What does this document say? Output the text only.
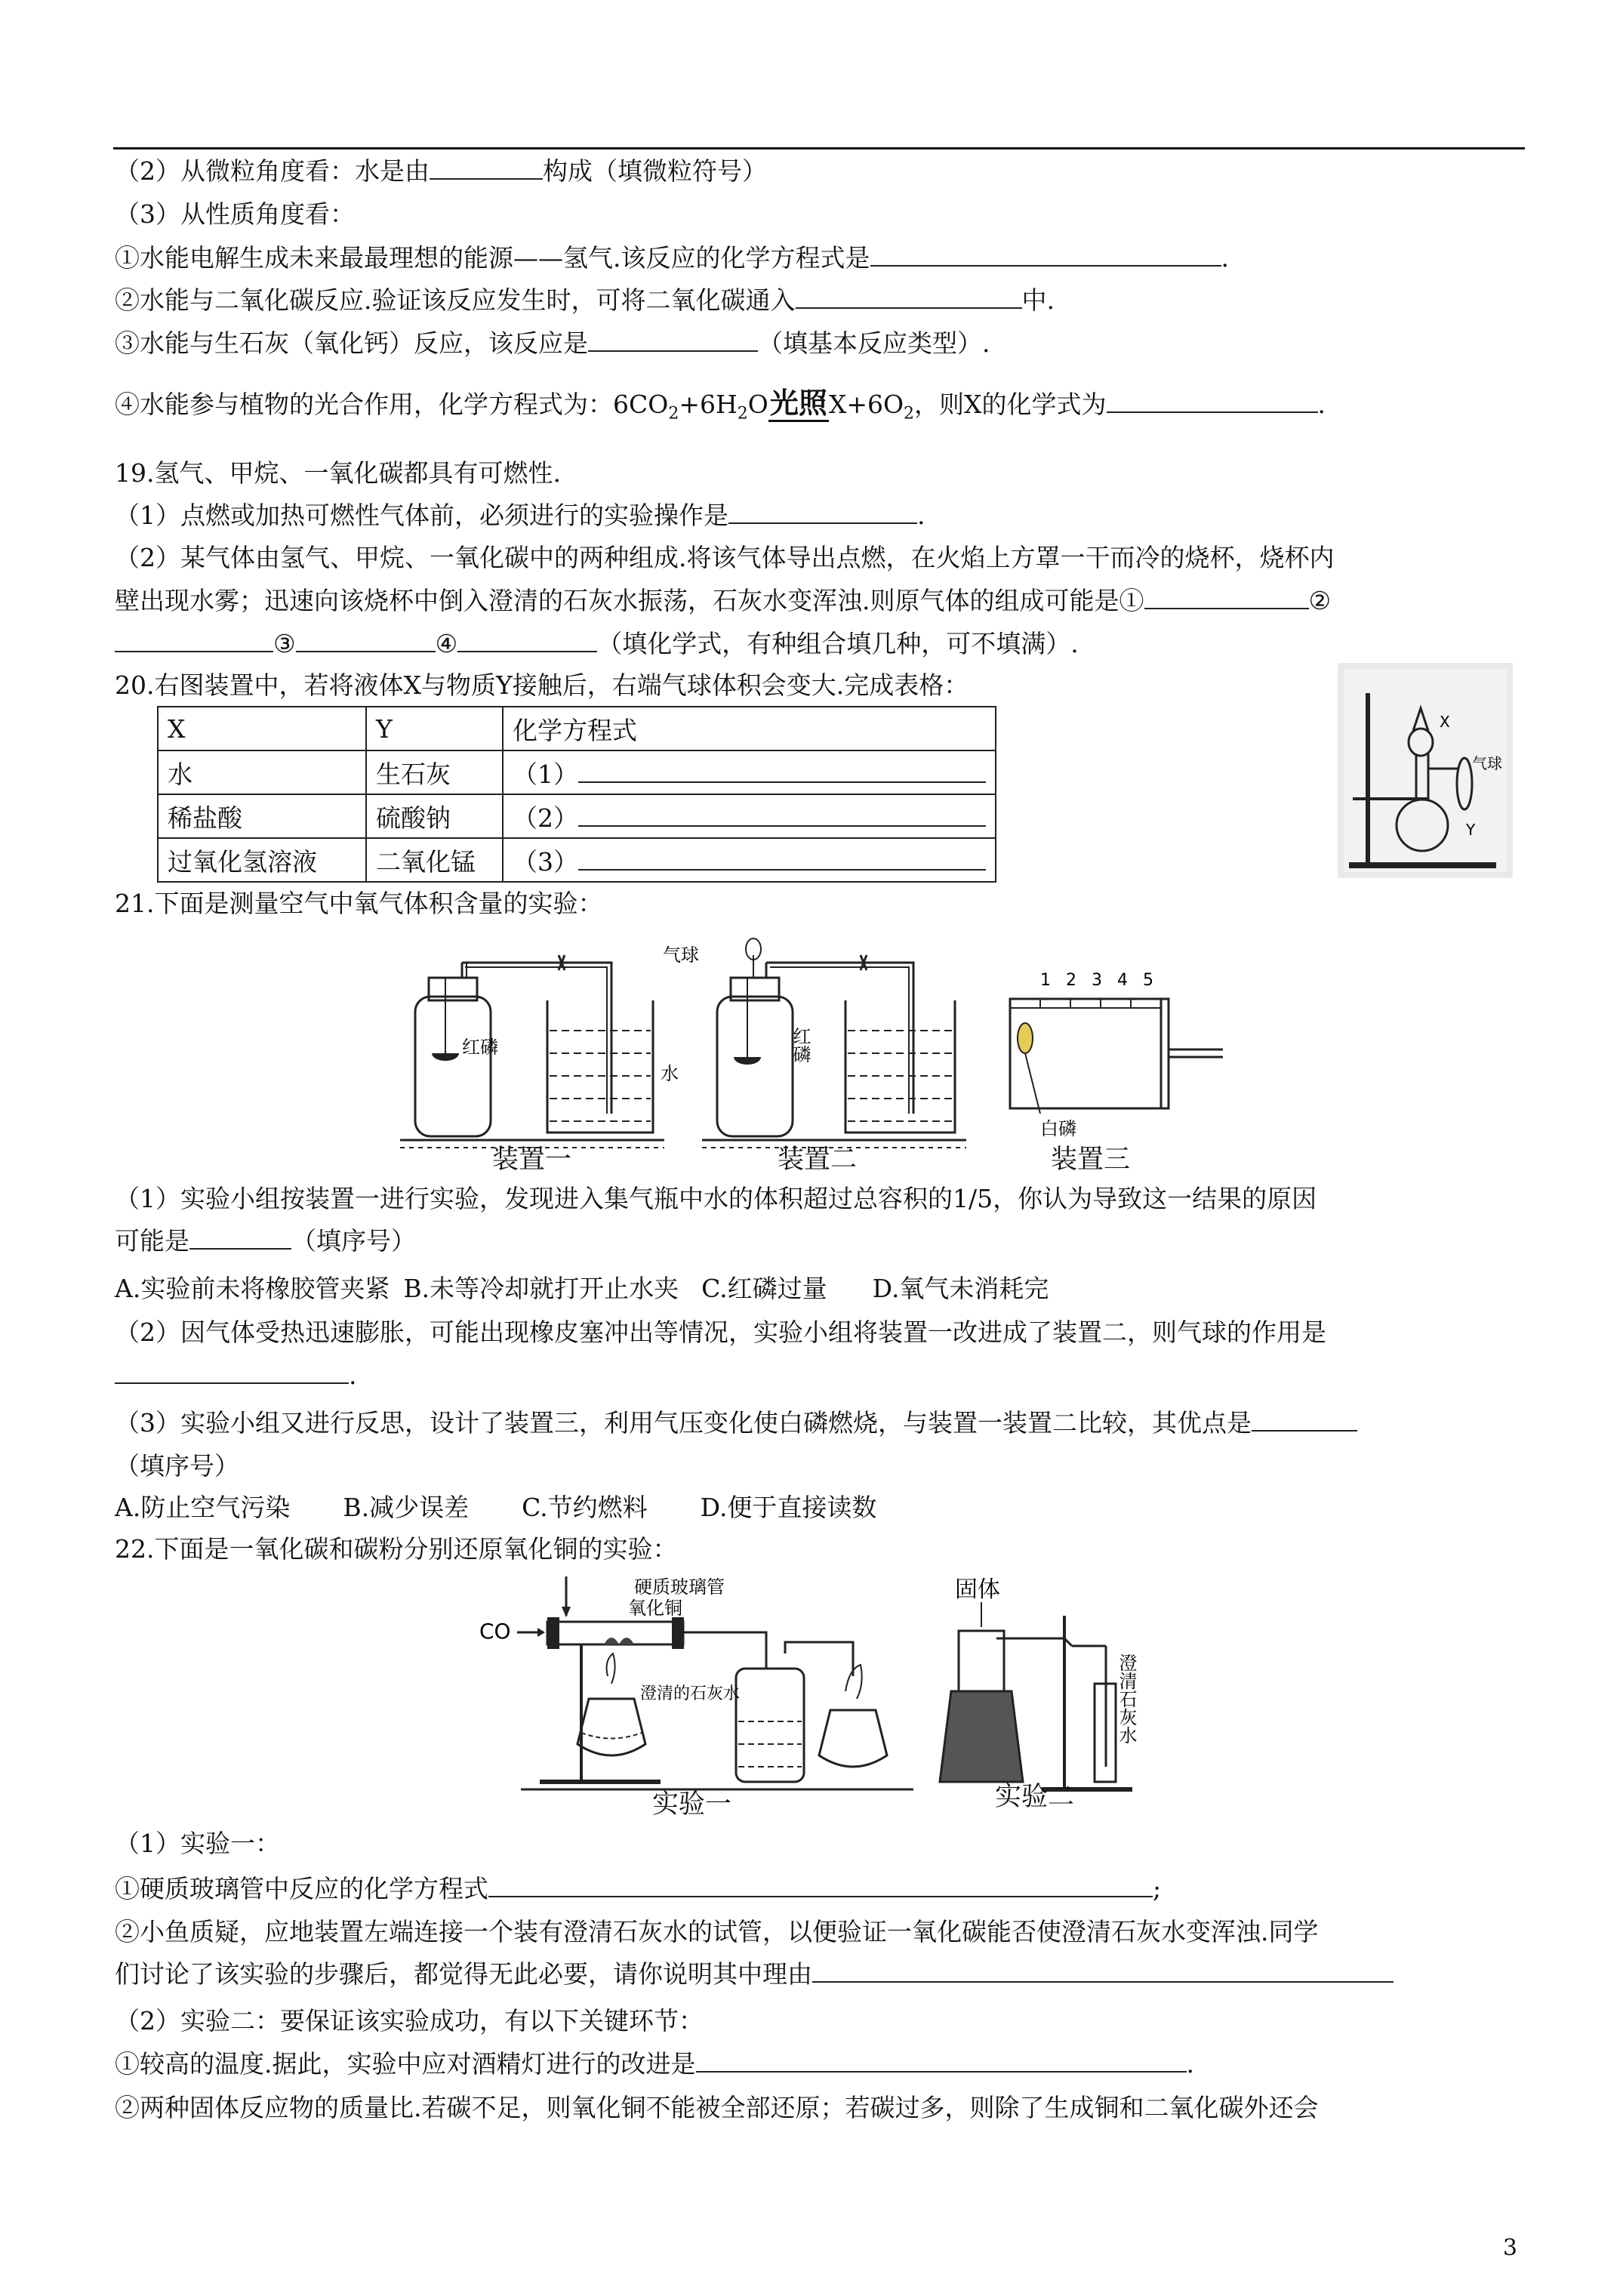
（2）从微粒角度看：水是由	构成（填微粒符号）
（3）从性质角度看：
①水能电解生成未来最最理想的能源——氢气.该反应的化学方程式是	.
②水能与二氧化碳反应.验证该反应发生时，可将二氧化碳通入	中.
③水能与生石灰（氧化钙）反应，该反应是	（填基本反应类型）.
④水能参与植物的光合作用，化学方程式为：$6CO_2+6H_2O$光照$X+6O_2$，则X的化学式为	.
19.氢气、甲烷、一氧化碳都具有可燃性.
（1）点燃或加热可燃性气体前，必须进行的实验操作是	.
（2）某气体由氢气、甲烷、一氧化碳中的两种组成.将该气体导出点燃，在火焰上方罩一干而冷的烧杯，烧杯内
壁出现水雾；迅速向该烧杯中倒入澄清的石灰水振荡，石灰水变浑浊.则原气体的组成可能是①	②
③	④	（填化学式，有种组合填几种，可不填满）.
20.右图装置中，若将液体X与物质Y接触后，右端气球体积会变大.完成表格：
X	Y	化学方程式
水	生石灰	（1）
稀盐酸	硫酸钠	（2）
过氧化氢溶液	二氧化锰	（3）
X
气球
Y
21.下面是测量空气中氧气体积含量的实验：
红磷
水
气球
红磷
1 2 3 4 5
白磷
装置一	装置二	装置三
（1）实验小组按装置一进行实验，发现进入集气瓶中水的体积超过总容积的1/5，你认为导致这一结果的原因
可能是	（填序号）
A.实验前未将橡胶管夹紧 B.未等冷却就打开止水夹 C.红磷过量 D.氧气未消耗完
（2）因气体受热迅速膨胀，可能出现橡皮塞冲出等情况，实验小组将装置一改进成了装置二，则气球的作用是
.
（3）实验小组又进行反思，设计了装置三，利用气压变化使白磷燃烧，与装置一装置二比较，其优点是
（填序号）
A.防止空气污染 B.减少误差 C.节约燃料 D.便于直接读数
22.下面是一氧化碳和碳粉分别还原氧化铜的实验：
CO
硬质玻璃管
氧化铜
澄清的石灰水
固体
澄清石灰水
实验一	实验二
（1）实验一：
①硬质玻璃管中反应的化学方程式	;
②小鱼质疑，应地装置左端连接一个装有澄清石灰水的试管，以便验证一氧化碳能否使澄清石灰水变浑浊.同学
们讨论了该实验的步骤后，都觉得无此必要，请你说明其中理由
（2）实验二：要保证该实验成功，有以下关键环节：
①较高的温度.据此，实验中应对酒精灯进行的改进是	.
②两种固体反应物的质量比.若碳不足，则氧化铜不能被全部还原；若碳过多，则除了生成铜和二氧化碳外还会
3
